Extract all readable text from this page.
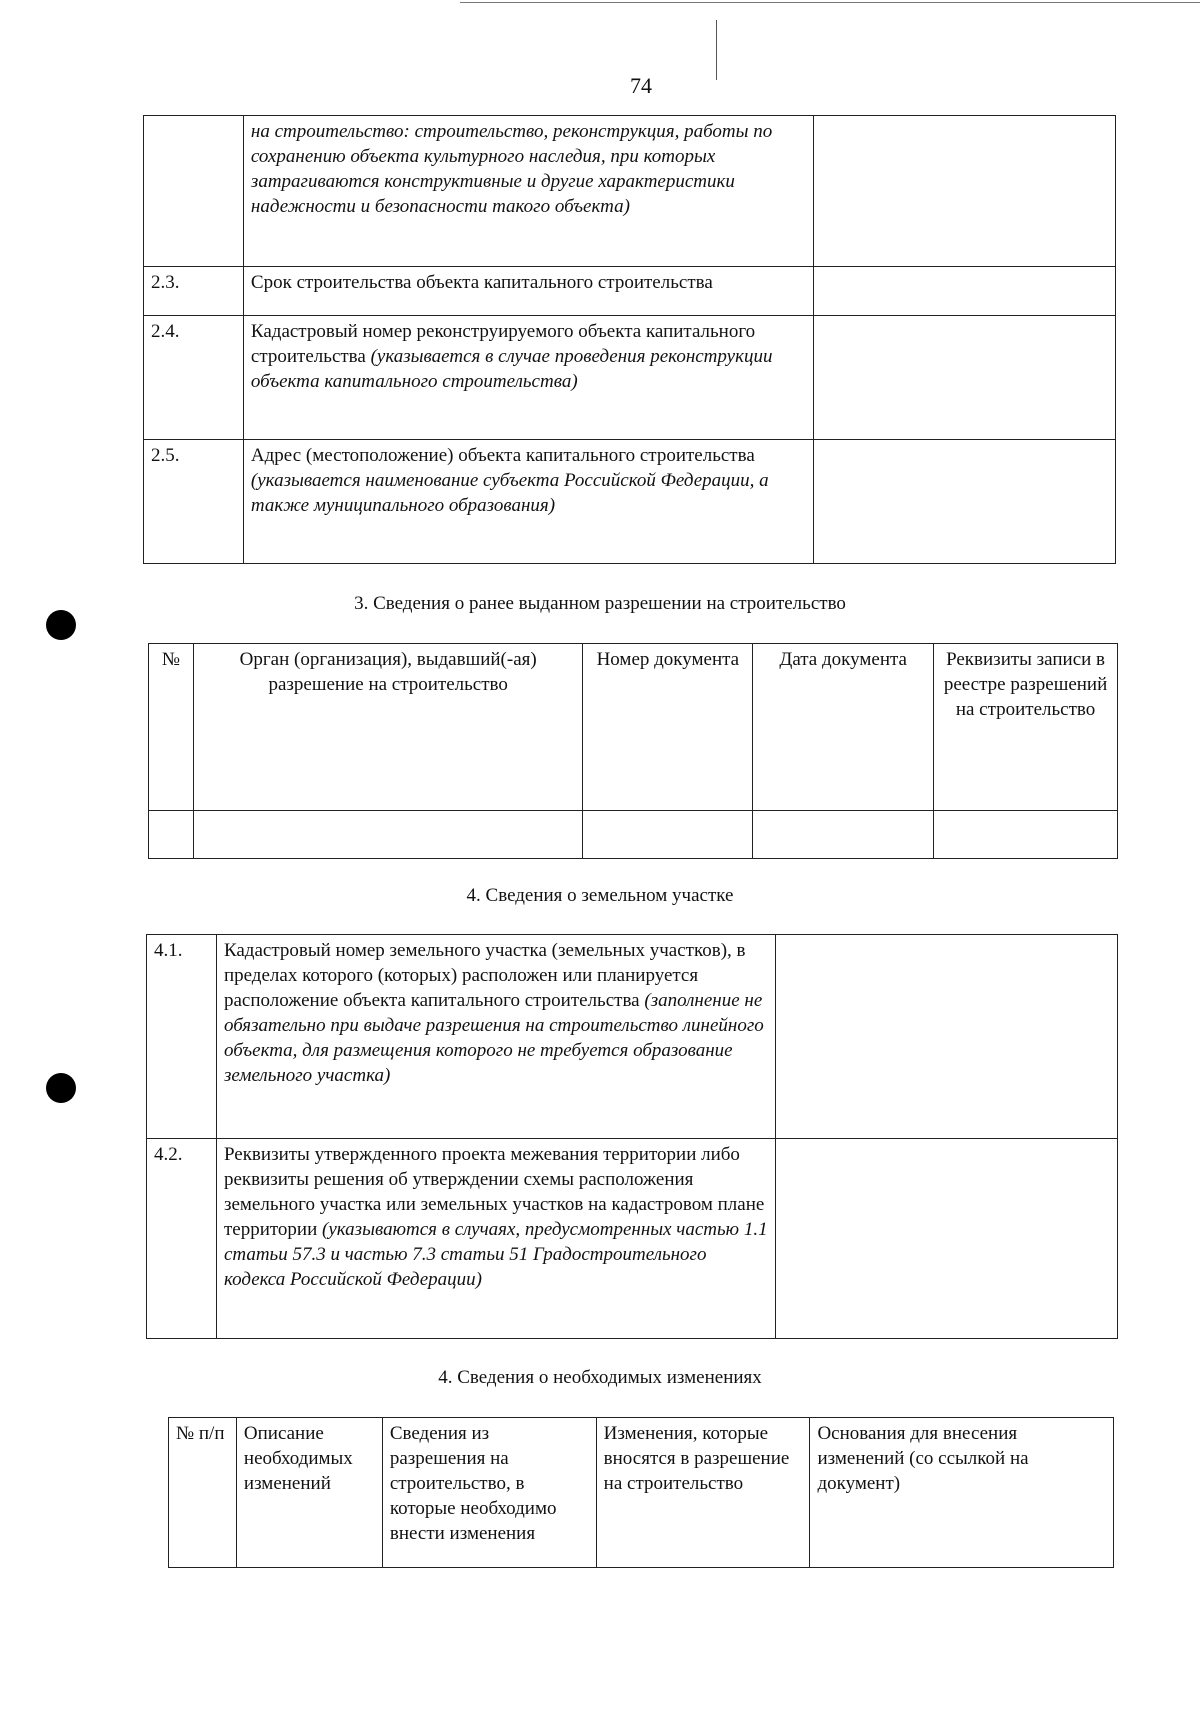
74
	на строительство: строительство, реконструкция, работы по сохранению объекта культурного наследия, при которых затрагиваются конструктивные и другие характеристики надежности и безопасности такого объекта)	
2.3.	Срок строительства объекта капитального строительства	
2.4.	Кадастровый номер реконструируемого объекта капитального строительства (указывается в случае проведения реконструкции объекта капитального строительства)	
2.5.	Адрес (местоположение) объекта капитального строительства (указывается наименование субъекта Российской Федерации, а также муниципального образования)	
3. Сведения о ранее выданном разрешении на строительство
№	Орган (организация), выдавший(-ая) разрешение на строительство	Номер документа	Дата документа	Реквизиты записи в реестре разрешений на строительство

4. Сведения о земельном участке
4.1.	Кадастровый номер земельного участка (земельных участков), в пределах которого (которых) расположен или планируется расположение объекта капитального строительства (заполнение не обязательно при выдаче разрешения на строительство линейного объекта, для размещения которого не требуется образование земельного участка)	
4.2.	Реквизиты утвержденного проекта межевания территории либо реквизиты решения об утверждении схемы расположения земельного участка или земельных участков на кадастровом плане территории (указываются в случаях, предусмотренных частью 1.1 статьи 57.3 и частью 7.3 статьи 51 Градостроительного кодекса Российской Федерации)	
4. Сведения о необходимых изменениях
№ п/п	Описание необходимых изменений	Сведения из разрешения на строительство, в которые необходимо внести изменения	Изменения, которые вносятся в разрешение на строительство	Основания для внесения изменений (со ссылкой на документ)
